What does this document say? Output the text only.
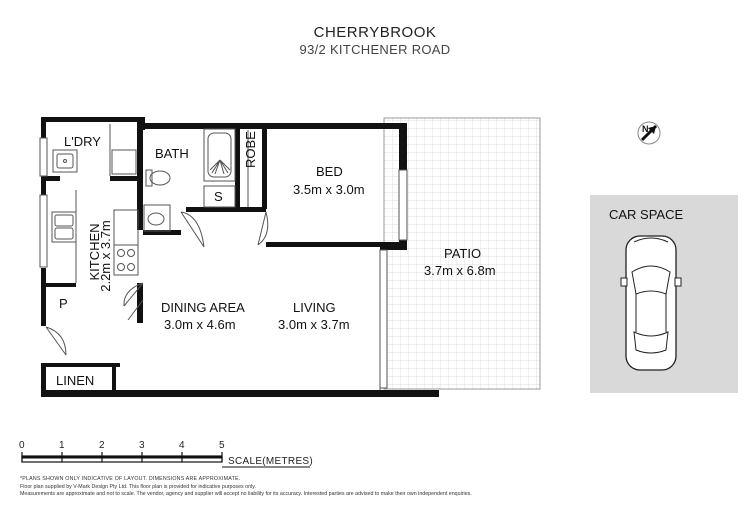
CHERRYBROOK
93/2 KITCHENER ROAD
L'DRY
BATH	ROBE
S
BED
3.5m x 3.0m
KITCHEN
2.2m x 3.7m
P	DINING AREA
3.0m x 4.6m
LIVING
3.0m x 3.7m
PATIO
3.7m x 6.8m
LINEN
N
CAR SPACE
0	1	2	3	4	5
SCALE(METRES)
*PLANS SHOWN ONLY INDICATIVE OF LAYOUT. DIMENSIONS ARE APPROXIMATE.
Floor plan supplied by V-Mark Design Pty Ltd. This floor plan is provided for indicative purposes only.
Measurements are approximate and not to scale. The vendor, agency and supplier will accept no liability for its accuracy. Interested parties are advised to make their own independent enquiries.
